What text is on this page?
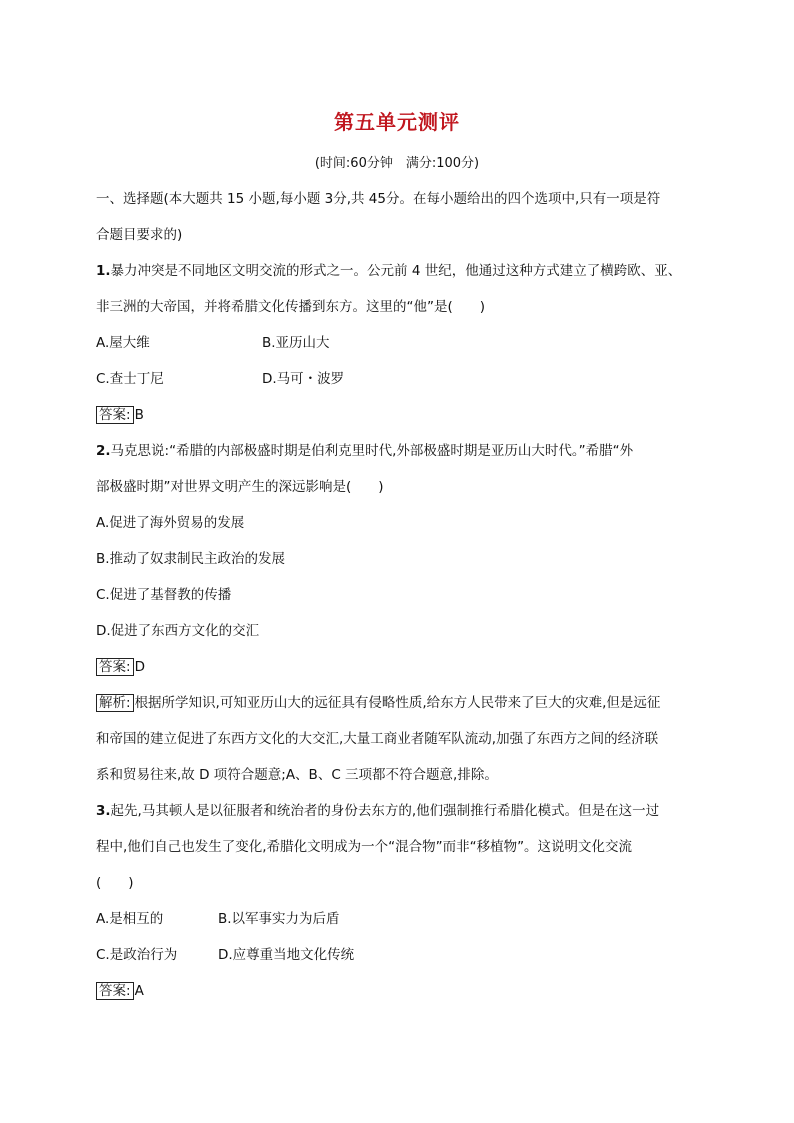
第五单元测评
(时间:60分钟　满分:100分)
一、选择题(本大题共 15 小题,每小题 3分,共 45分。在每小题给出的四个选项中,只有一项是符
合题目要求的)
1.暴力冲突是不同地区文明交流的形式之一。公元前 4 世纪，他通过这种方式建立了横跨欧、亚、
非三洲的大帝国，并将希腊文化传播到东方。这里的“他”是(　　)
A.屋大维	B.亚历山大
C.查士丁尼	D.马可・波罗
答案: B
2.马克思说:“希腊的内部极盛时期是伯利克里时代,外部极盛时期是亚历山大时代。”希腊“外
部极盛时期”对世界文明产生的深远影响是(　　)
A.促进了海外贸易的发展
B.推动了奴隶制民主政治的发展
C.促进了基督教的传播
D.促进了东西方文化的交汇
答案: D
解析: 根据所学知识,可知亚历山大的远征具有侵略性质,给东方人民带来了巨大的灾难,但是远征
和帝国的建立促进了东西方文化的大交汇,大量工商业者随军队流动,加强了东西方之间的经济联
系和贸易往来,故 D 项符合题意;A、B、C 三项都不符合题意,排除。
3.起先,马其顿人是以征服者和统治者的身份去东方的,他们强制推行希腊化模式。但是在这一过
程中,他们自己也发生了变化,希腊化文明成为一个“混合物”而非“移植物”。这说明文化交流
(　　)
A.是相互的	B.以军事实力为后盾
C.是政治行为	D.应尊重当地文化传统
答案: A
